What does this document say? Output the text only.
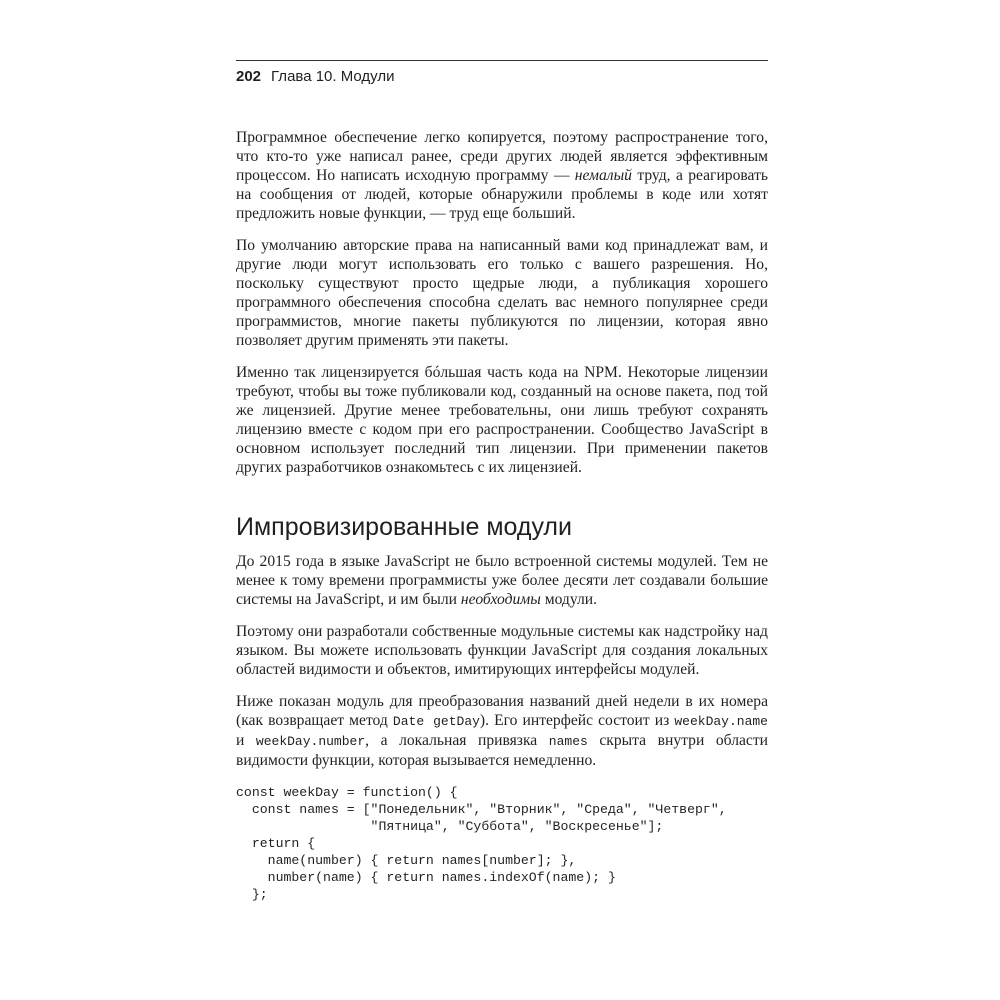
202 Глава 10. Модули

Программное обеспечение легко копируется, поэтому распространение того, что кто-то уже написал ранее, среди других людей является эффективным процессом. Но написать исходную программу — немалый труд, а реагировать на сообщения от людей, которые обнаружили проблемы в коде или хотят предложить новые функции, — труд еще больший.

По умолчанию авторские права на написанный вами код принадлежат вам, и другие люди могут использовать его только с вашего разрешения. Но, поскольку существуют просто щедрые люди, а публикация хорошего программного обеспечения способна сделать вас немного популярнее среди программистов, многие пакеты публикуются по лицензии, которая явно позволяет другим применять эти пакеты.

Именно так лицензируется бóльшая часть кода на NPM. Некоторые лицензии требуют, чтобы вы тоже публиковали код, созданный на основе пакета, под той же лицензией. Другие менее требовательны, они лишь требуют сохранять лицензию вместе с кодом при его распространении. Сообщество JavaScript в основном использует последний тип лицензии. При применении пакетов других разработчиков ознакомьтесь с их лицензией.

Импровизированные модули

До 2015 года в языке JavaScript не было встроенной системы модулей. Тем не менее к тому времени программисты уже более десяти лет создавали большие системы на JavaScript, и им были необходимы модули.

Поэтому они разработали собственные модульные системы как надстройку над языком. Вы можете использовать функции JavaScript для создания локальных областей видимости и объектов, имитирующих интерфейсы модулей.

Ниже показан модуль для преобразования названий дней недели в их номера (как возвращает метод Date getDay). Его интерфейс состоит из weekDay.name и weekDay.number, а локальная привязка names скрыта внутри области видимости функции, которая вызывается немедленно.

const weekDay = function() {
const names = ["Понедельник", "Вторник", "Среда", "Четверг",
"Пятница", "Суббота", "Воскресенье"];
return {
name(number) { return names[number]; },
number(name) { return names.indexOf(name); }
};
